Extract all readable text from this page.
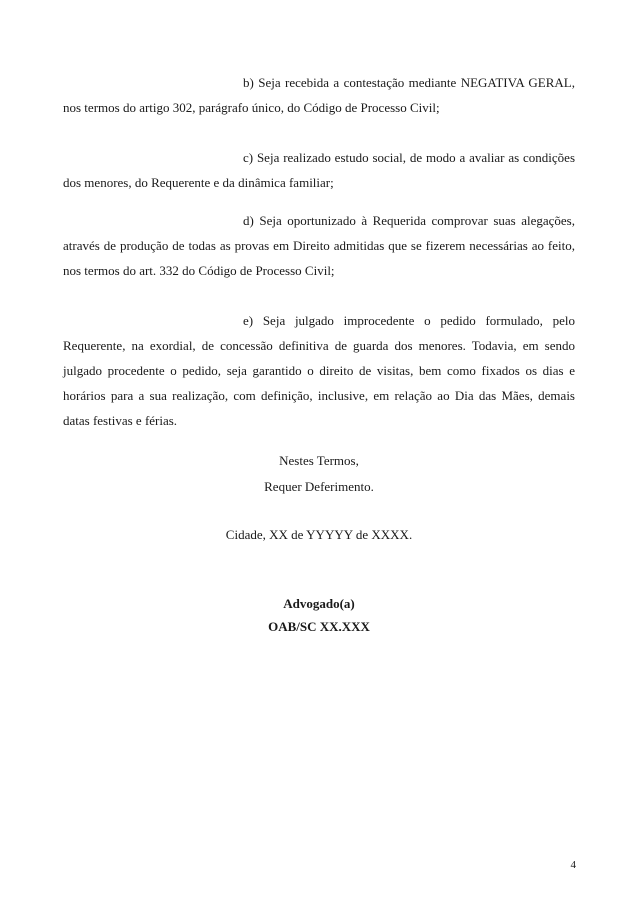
b) Seja recebida a contestação mediante NEGATIVA GERAL, nos termos do artigo 302, parágrafo único, do Código de Processo Civil;

c) Seja realizado estudo social, de modo a avaliar as condições dos menores, do Requerente e da dinâmica familiar;

d) Seja oportunizado à Requerida comprovar suas alegações, através de produção de todas as provas em Direito admitidas que se fizerem necessárias ao feito, nos termos do art. 332 do Código de Processo Civil;

e) Seja julgado improcedente o pedido formulado, pelo Requerente, na exordial, de concessão definitiva de guarda dos menores. Todavia, em sendo julgado procedente o pedido, seja garantido o direito de visitas, bem como fixados os dias e horários para a sua realização, com definição, inclusive, em relação ao Dia das Mães, demais datas festivas e férias.

Nestes Termos,

Requer Deferimento.

Cidade, XX de YYYYY de XXXX.

Advogado(a)

OAB/SC XX.XXX

4
